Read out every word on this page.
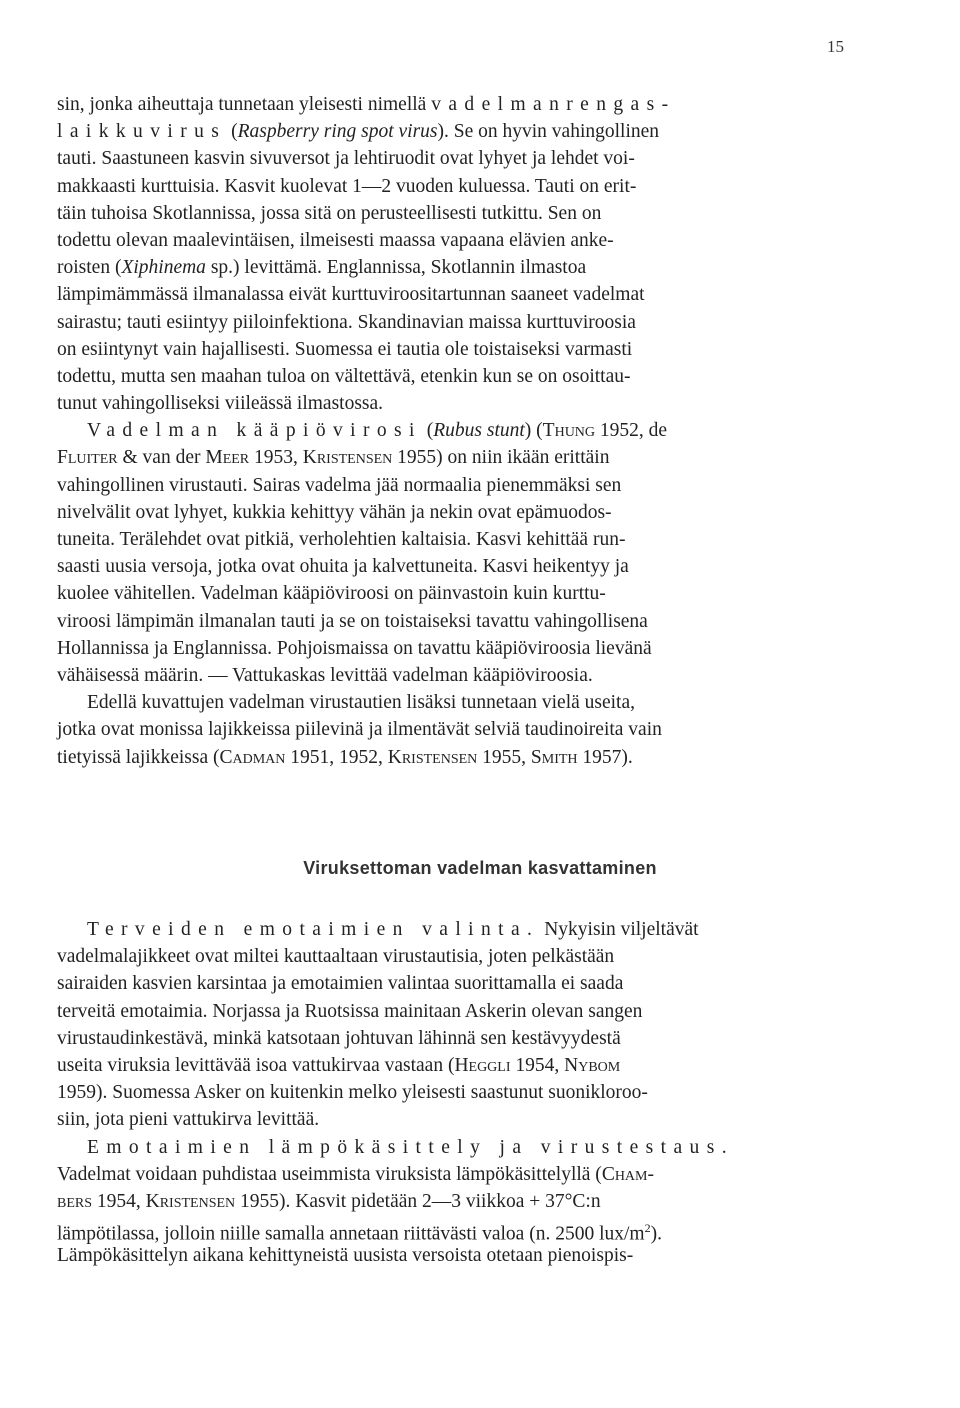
15
sin, jonka aiheuttaja tunnetaan yleisesti nimellä vadelmanrengas-
laikkuvirus (Raspberry ring spot virus). Se on hyvin vahingollinen
tauti. Saastuneen kasvin sivuversot ja lehtiruodit ovat lyhyet ja lehdet voi-
makkaasti kurttuisia. Kasvit kuolevat 1—2 vuoden kuluessa. Tauti on erit-
täin tuhoisa Skotlannissa, jossa sitä on perusteellisesti tutkittu. Sen on
todettu olevan maalevintäisen, ilmeisesti maassa vapaana elävien anke-
roisten (Xiphinema sp.) levittämä. Englannissa, Skotlannin ilmastoa
lämpimämmässä ilmanalassa eivät kurttuviroositartunnan saaneet vadelmat
sairastu; tauti esiintyy piiloinfektiona. Skandinavian maissa kurttuviroosia
on esiintynyt vain hajallisesti. Suomessa ei tautia ole toistaiseksi varmasti
todettu, mutta sen maahan tuloa on vältettävä, etenkin kun se on osoittau-
tunut vahingolliseksi viileässä ilmastossa.
Vadelman kääpiövirosi (Rubus stunt) (Thung 1952, de
Fluiter & van der Meer 1953, Kristensen 1955) on niin ikään erittäin
vahingollinen virustauti. Sairas vadelma jää normaalia pienemmäksi sen
nivelvälit ovat lyhyet, kukkia kehittyy vähän ja nekin ovat epämuodos-
tuneita. Terälehdet ovat pitkiä, verholehtien kaltaisia. Kasvi kehittää run-
saasti uusia versoja, jotka ovat ohuita ja kalvettuneita. Kasvi heikentyy ja
kuolee vähitellen. Vadelman kääpiöviroosi on päinvastoin kuin kurttu-
viroosi lämpimän ilmanalan tauti ja se on toistaiseksi tavattu vahingollisena
Hollannissa ja Englannissa. Pohjoismaissa on tavattu kääpiöviroosia lievänä
vähäisessä määrin. — Vattukaskas levittää vadelman kääpiöviroosia.
Edellä kuvattujen vadelman virustautien lisäksi tunnetaan vielä useita,
jotka ovat monissa lajikkeissa piilevinä ja ilmentävät selviä taudinoireita vain
tietyissä lajikkeissa (Cadman 1951, 1952, Kristensen 1955, Smith 1957).
Viruksettoman vadelman kasvattaminen
Terveiden emotaimien valinta. Nykyisin viljeltävät
vadelmalajikkeet ovat miltei kauttaaltaan virustautisia, joten pelkästään
sairaiden kasvien karsintaa ja emotaimien valintaa suorittamalla ei saada
terveitä emotaimia. Norjassa ja Ruotsissa mainitaan Askerin olevan sangen
virustaudinkestävä, minkä katsotaan johtuvan lähinnä sen kestävyydestä
useita viruksia levittävää isoa vattukirvaa vastaan (Heggli 1954, Nybom
1959). Suomessa Asker on kuitenkin melko yleisesti saastunut suonikloroo-
siin, jota pieni vattukirva levittää.
Emotaimien lämpökäsittely ja virustestaus.
Vadelmat voidaan puhdistaa useimmista viruksista lämpökäsittelyllä (Cham-
bers 1954, Kristensen 1955). Kasvit pidetään 2—3 viikkoa + 37°C:n
lämpötilassa, jolloin niille samalla annetaan riittävästi valoa (n. 2500 lux/$m^2$).
Lämpökäsittelyn aikana kehittyneistä uusista versoista otetaan pienoispis-
